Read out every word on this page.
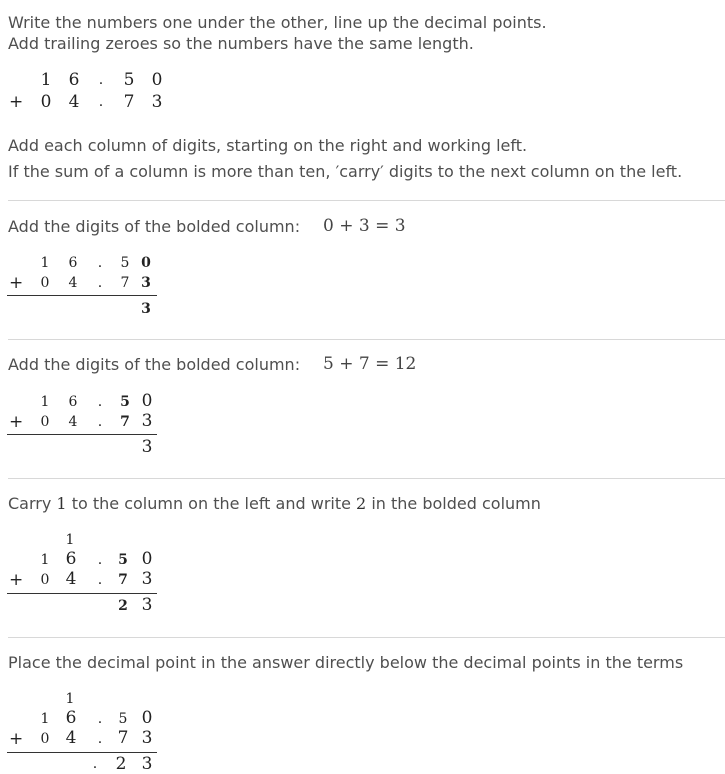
Write the numbers one under the other, line up the decimal points.
Add trailing zeroes so the numbers have the same length.
1 6	. 5 0
+ 0 4	. 7 3
Add each column of digits, starting on the right and working left.
If the sum of a column is more than ten, ′carry′ digits to the next column on the left.
Add the digits of the bolded column: 0 + 3 = 3
1 6	.	5 0
+ 0 4	.	7 3
3
Add the digits of the bolded column: 5 + 7 = 12
1 6	.	5 0
+ 0 4	.	7 3
3
Carry 1 to the column on the left and write 2 in the bolded column
1
1 6	.	5 0
+ 0 4	.	7 3
2 3
Place the decimal point in the answer directly below the decimal points in the terms
1
1 6	.	5 0
+ 0 4	. 7 3
. 2 3
